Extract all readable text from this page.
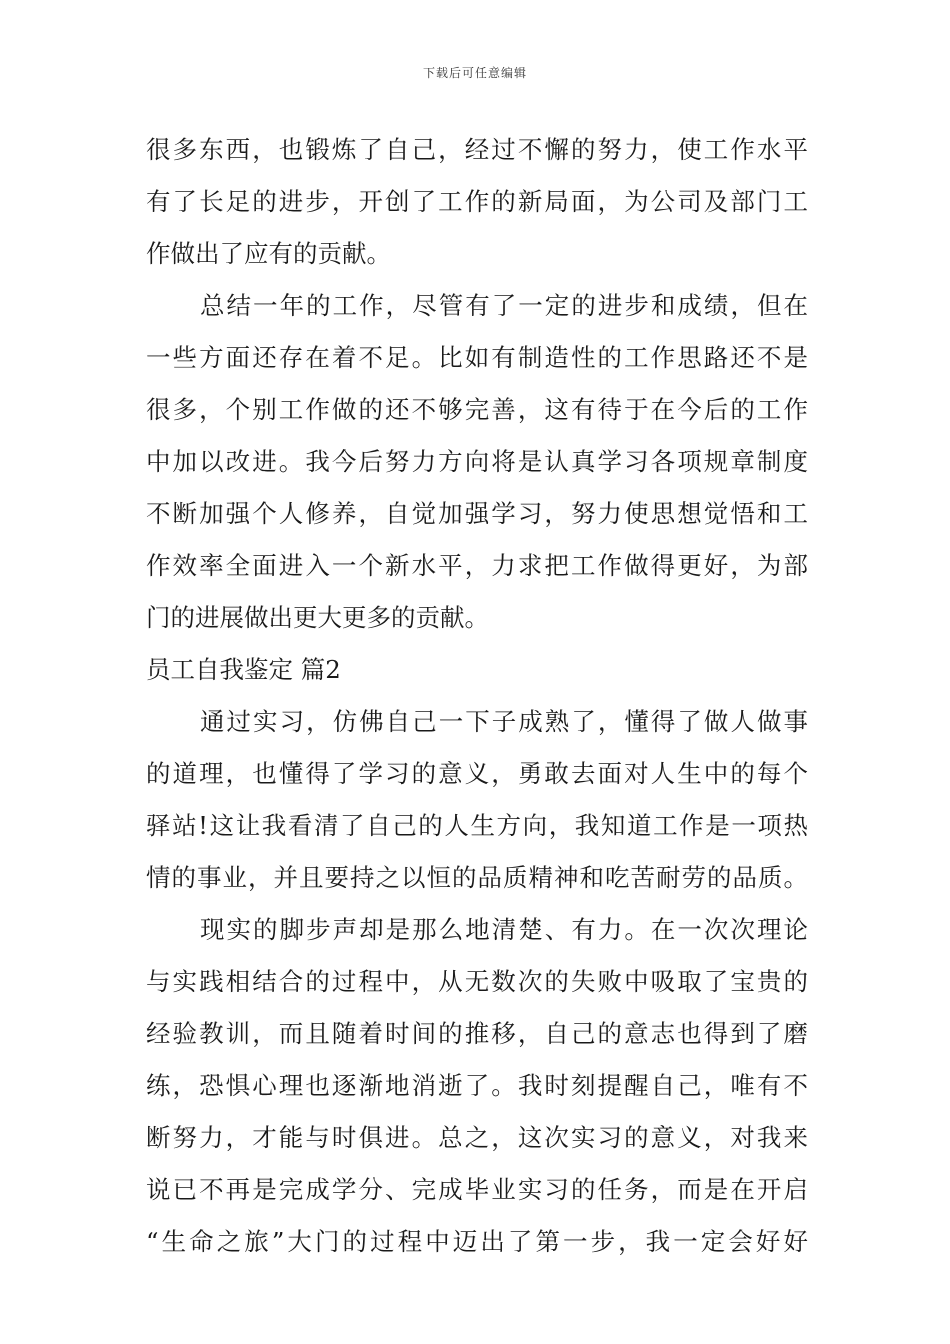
下载后可任意编辑
很多东西，也锻炼了自己，经过不懈的努力，使工作水平
有了长足的进步，开创了工作的新局面，为公司及部门工
作做出了应有的贡献。
总结一年的工作，尽管有了一定的进步和成绩，但在
一些方面还存在着不足。比如有制造性的工作思路还不是
很多，个别工作做的还不够完善，这有待于在今后的工作
中加以改进。我今后努力方向将是认真学习各项规章制度
不断加强个人修养，自觉加强学习，努力使思想觉悟和工
作效率全面进入一个新水平，力求把工作做得更好，为部
门的进展做出更大更多的贡献。
员工自我鉴定 篇2
通过实习，仿佛自己一下子成熟了，懂得了做人做事
的道理，也懂得了学习的意义，勇敢去面对人生中的每个
驿站!这让我看清了自己的人生方向，我知道工作是一项热
情的事业，并且要持之以恒的品质精神和吃苦耐劳的品质。
现实的脚步声却是那么地清楚、有力。在一次次理论
与实践相结合的过程中，从无数次的失败中吸取了宝贵的
经验教训，而且随着时间的推移，自己的意志也得到了磨
练，恐惧心理也逐渐地消逝了。我时刻提醒自己，唯有不
断努力，才能与时俱进。总之，这次实习的意义，对我来
说已不再是完成学分、完成毕业实习的任务，而是在开启
“生命之旅”大门的过程中迈出了第一步，我一定会好好
